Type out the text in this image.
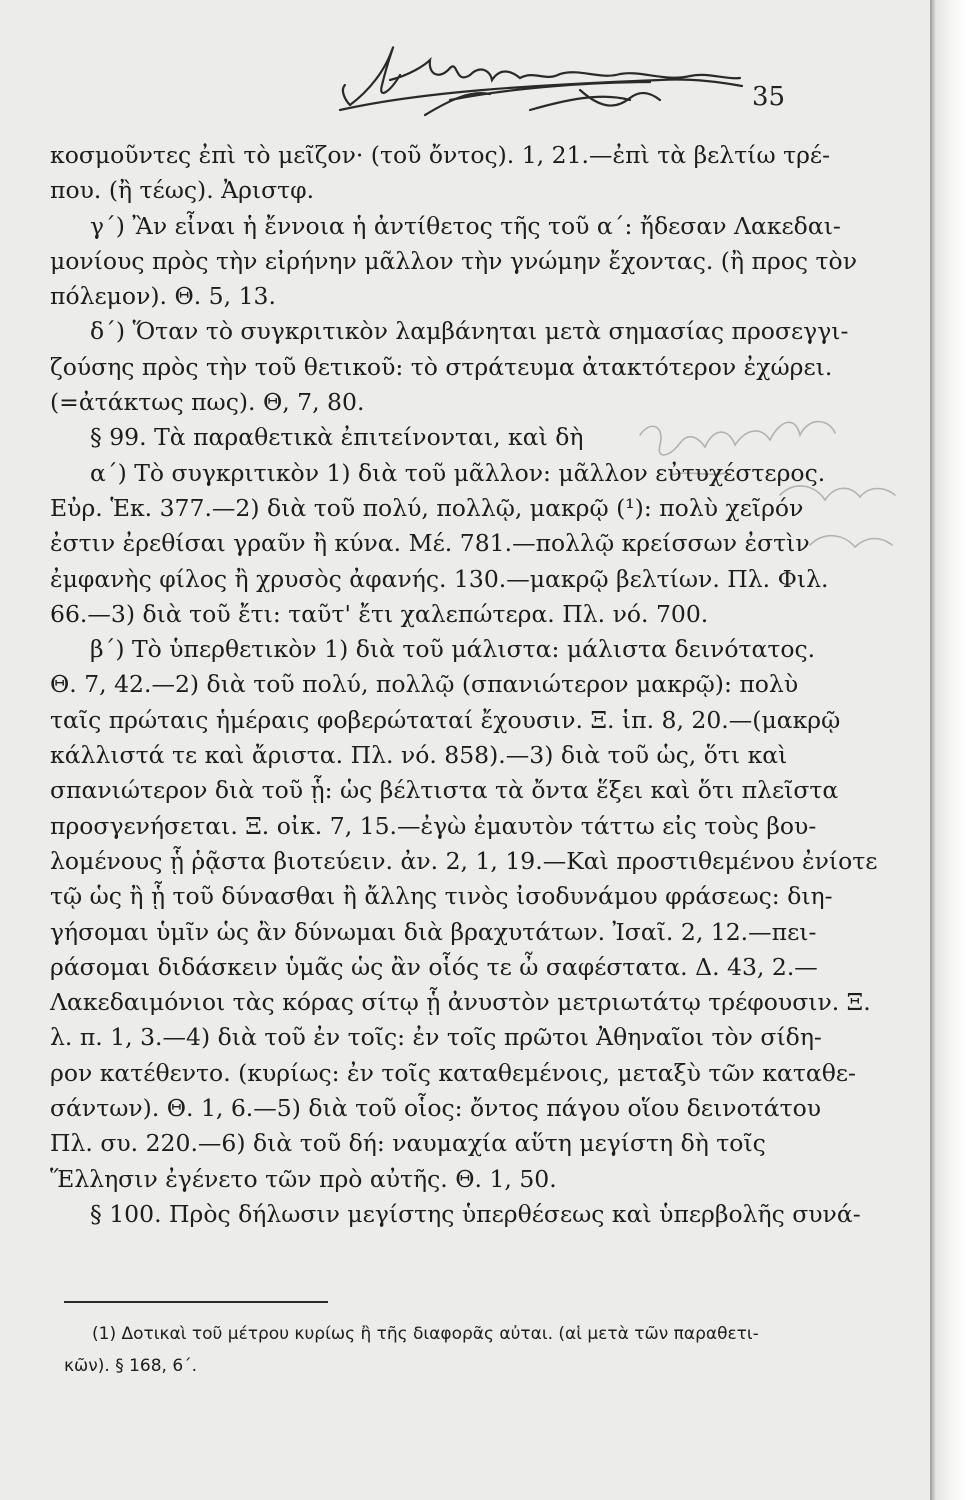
35
κοσμοῦντες ἐπὶ τὸ μεῖζον· (τοῦ ὄντος). 1, 21.—ἐπὶ τὰ βελτίω τρέ-
που. (ἢ τέως). Ἀριστφ.
γ΄) Ἂν εἶναι ἡ ἔννοια ἡ ἀντίθετος τῆς τοῦ α΄: ἤδεσαν Λακεδαι-
μονίους πρὸς τὴν εἰρήνην μᾶλλον τὴν γνώμην ἔχοντας. (ἢ προς τὸν
πόλεμον). Θ. 5, 13.
δ΄) Ὅταν τὸ συγκριτικὸν λαμβάνηται μετὰ σημασίας προσεγγι-
ζούσης πρὸς τὴν τοῦ θετικοῦ: τὸ στράτευμα ἀτακτότερον ἐχώρει.
(=ἀτάκτως πως). Θ, 7, 80.
§ 99. Τὰ παραθετικὰ ἐπιτείνονται, καὶ δὴ
α΄) Τὸ συγκριτικὸν 1) διὰ τοῦ μᾶλλον: μᾶλλον εὐτυχέστερος.
Εὐρ. Ἑκ. 377.—2) διὰ τοῦ πολύ, πολλῷ, μακρῷ (¹): πολὺ χεῖρόν
ἐστιν ἐρεθίσαι γραῦν ἢ κύνα. Μέ. 781.—πολλῷ κρείσσων ἐστὶν
ἐμφανὴς φίλος ἢ χρυσὸς ἀφανής. 130.—μακρῷ βελτίων. Πλ. Φιλ.
66.—3) διὰ τοῦ ἔτι: ταῦτ' ἔτι χαλεπώτερα. Πλ. νό. 700.
β΄) Τὸ ὑπερθετικὸν 1) διὰ τοῦ μάλιστα: μάλιστα δεινότατος.
Θ. 7, 42.—2) διὰ τοῦ πολύ, πολλῷ (σπανιώτερον μακρῷ): πολὺ
ταῖς πρώταις ἡμέραις φοβερώταταί ἔχουσιν. Ξ. ἱπ. 8, 20.—(μακρῷ
κάλλιστά τε καὶ ἄριστα. Πλ. νό. 858).—3) διὰ τοῦ ὡς, ὅτι καὶ
σπανιώτερον διὰ τοῦ ᾗ: ὡς βέλτιστα τὰ ὄντα ἕξει καὶ ὅτι πλεῖστα
προσγενήσεται. Ξ. οἰκ. 7, 15.—ἐγὼ ἐμαυτὸν τάττω εἰς τοὺς βου-
λομένους ᾗ ῥᾷστα βιοτεύειν. ἀν. 2, 1, 19.—Καὶ προστιθεμένου ἐνίοτε
τῷ ὡς ἢ ᾗ τοῦ δύνασθαι ἢ ἄλλης τινὸς ἰσοδυνάμου φράσεως: διη-
γήσομαι ὑμῖν ὡς ἂν δύνωμαι διὰ βραχυτάτων. Ἰσαῖ. 2, 12.—πει-
ράσομαι διδάσκειν ὑμᾶς ὡς ἂν οἷός τε ὦ σαφέστατα. Δ. 43, 2.—
Λακεδαιμόνιοι τὰς κόρας σίτῳ ᾗ ἀνυστὸν μετριωτάτῳ τρέφουσιν. Ξ.
λ. π. 1, 3.—4) διὰ τοῦ ἐν τοῖς: ἐν τοῖς πρῶτοι Ἀθηναῖοι τὸν σίδη-
ρον κατέθεντο. (κυρίως: ἐν τοῖς καταθεμένοις, μεταξὺ τῶν καταθε-
σάντων). Θ. 1, 6.—5) διὰ τοῦ οἷος: ὄντος πάγου οἵου δεινοτάτου
Πλ. συ. 220.—6) διὰ τοῦ δή: ναυμαχία αὕτη μεγίστη δὴ τοῖς
Ἕλλησιν ἐγένετο τῶν πρὸ αὐτῆς. Θ. 1, 50.
§ 100. Πρὸς δήλωσιν μεγίστης ὑπερθέσεως καὶ ὑπερβολῆς συνά-
(1) Δοτικαὶ τοῦ μέτρου κυρίως ἢ τῆς διαφορᾶς αὐται. (αἱ μετὰ τῶν παραθετι-
κῶν). § 168, 6΄.
